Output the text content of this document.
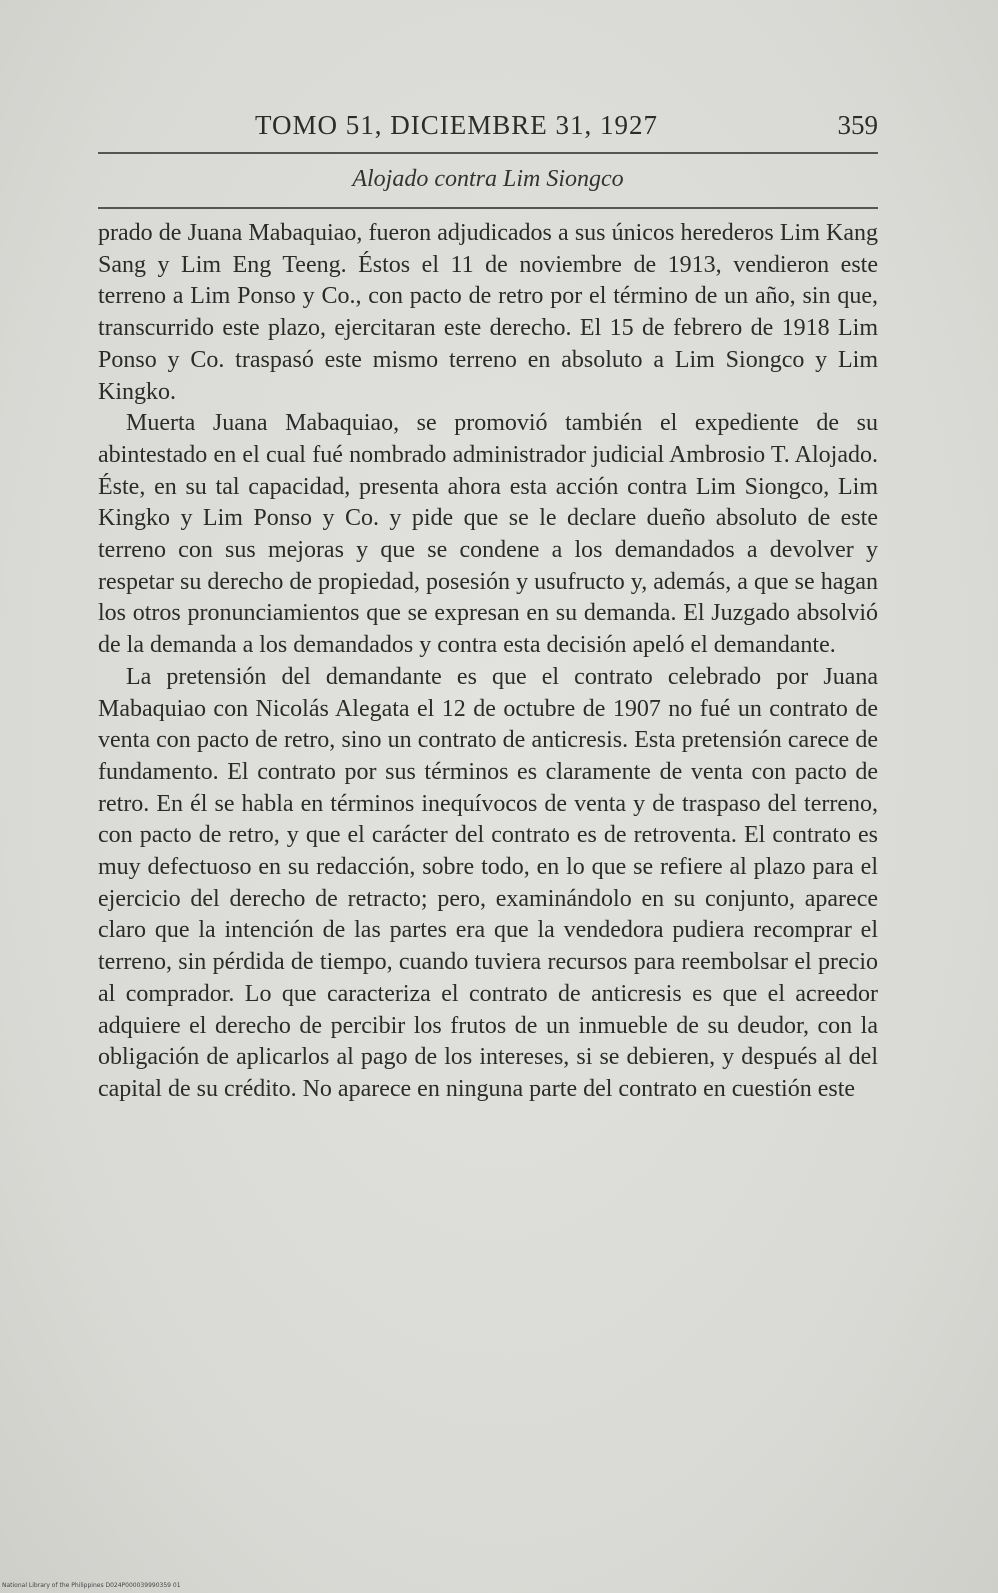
TOMO 51, DICIEMBRE 31, 1927	359
Alojado contra Lim Siongco

prado de Juana Mabaquiao, fueron adjudicados a sus únicos herederos Lim Kang Sang y Lim Eng Teeng. Éstos el 11 de noviembre de 1913, vendieron este terreno a Lim Ponso y Co., con pacto de retro por el término de un año, sin que, transcurrido este plazo, ejercitaran este derecho. El 15 de febrero de 1918 Lim Ponso y Co. traspasó este mismo terreno en absoluto a Lim Siongco y Lim Kingko.

Muerta Juana Mabaquiao, se promovió también el expediente de su abintestado en el cual fué nombrado administrador judicial Ambrosio T. Alojado. Éste, en su tal capacidad, presenta ahora esta acción contra Lim Siongco, Lim Kingko y Lim Ponso y Co. y pide que se le declare dueño absoluto de este terreno con sus mejoras y que se condene a los demandados a devolver y respetar su derecho de propiedad, posesión y usufructo y, además, a que se hagan los otros pronunciamientos que se expresan en su demanda. El Juzgado absolvió de la demanda a los demandados y contra esta decisión apeló el demandante.

La pretensión del demandante es que el contrato celebrado por Juana Mabaquiao con Nicolás Alegata el 12 de octubre de 1907 no fué un contrato de venta con pacto de retro, sino un contrato de anticresis. Esta pretensión carece de fundamento. El contrato por sus términos es claramente de venta con pacto de retro. En él se habla en términos inequívocos de venta y de traspaso del terreno, con pacto de retro, y que el carácter del contrato es de retroventa. El contrato es muy defectuoso en su redacción, sobre todo, en lo que se refiere al plazo para el ejercicio del derecho de retracto; pero, examinándolo en su conjunto, aparece claro que la intención de las partes era que la vendedora pudiera recomprar el terreno, sin pérdida de tiempo, cuando tuviera recursos para reembolsar el precio al comprador. Lo que caracteriza el contrato de anticresis es que el acreedor adquiere el derecho de percibir los frutos de un inmueble de su deudor, con la obligación de aplicarlos al pago de los intereses, si se debieren, y después al del capital de su crédito. No aparece en ninguna parte del contrato en cuestión este

National Library of the Philippines D024P000039990359 01
